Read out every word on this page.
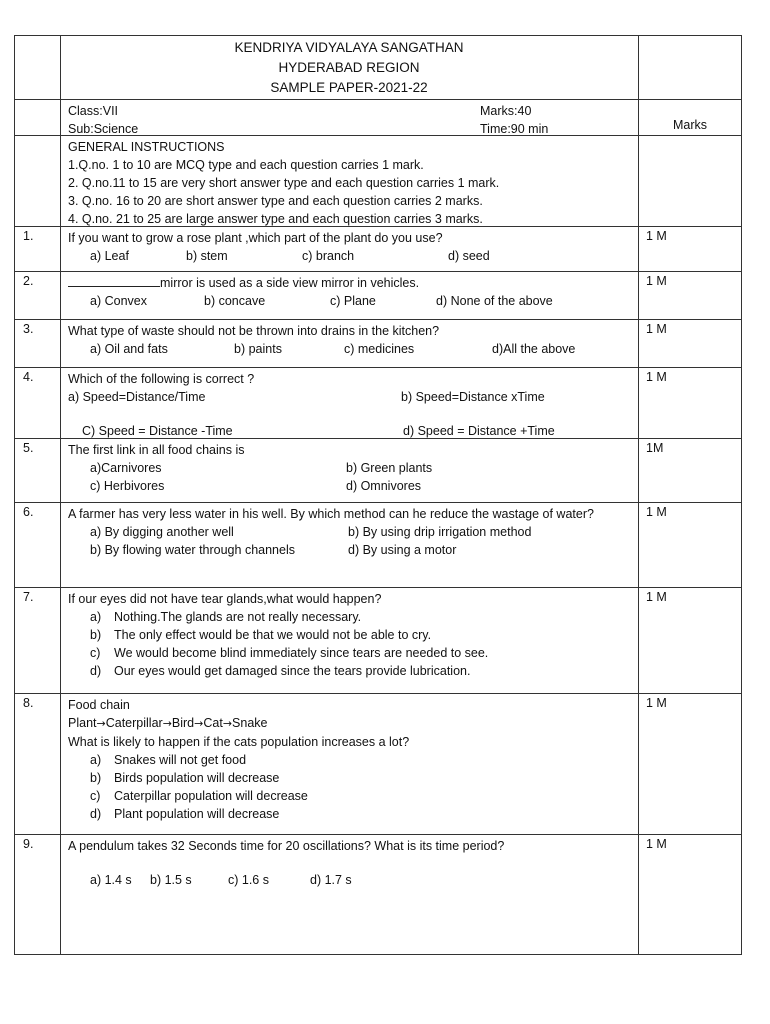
KENDRIYA VIDYALAYA SANGATHAN
HYDERABAD REGION
SAMPLE PAPER-2021-22
Class:VII	Marks:40
Sub:Science	Time:90 min	Marks
GENERAL INSTRUCTIONS
1.Q.no. 1 to 10 are MCQ type and each question carries 1 mark.
2. Q.no.11 to 15 are very short answer type and each question carries 1 mark.
3. Q.no. 16 to 20 are short answer type and each question carries 2 marks.
4. Q.no. 21 to 25 are large answer type and each question carries 3 marks.
1.	If you want to grow a rose plant ,which part of the plant do you use?
a) Leaf	b) stem	c) branch	d) seed
1 M
2.	mirror is used as a side view mirror in vehicles.
a) Convex	b) concave	c) Plane	d) None of the above
1 M
3.	What type of waste should not be thrown into drains in the kitchen?
a) Oil and fats	b) paints	c) medicines	d)All the above
1 M
4.	Which of the following is correct ?
a) Speed=Distance/Time	b) Speed=Distance xTime
C) Speed = Distance -Time	d) Speed = Distance +Time
1 M
5.	The first link in all food chains is
a)Carnivores	b) Green plants
c) Herbivores	d) Omnivores
1M
6.	A farmer has very less water in his well. By which method can he reduce the wastage of water?
a) By digging another well	b) By using drip irrigation method
b) By flowing water through channels	d) By using a motor
1 M
7.	If our eyes did not have tear glands,what would happen?
a) Nothing.The glands are not really necessary.
b) The only effect would be that we would not be able to cry.
c) We would become blind immediately since tears are needed to see.
d) Our eyes would get damaged since the tears provide lubrication.
1 M
8.	Food chain
Plant→Caterpillar→Bird→Cat→Snake
What is likely to happen if the cats population increases a lot?
a) Snakes will not get food
b) Birds population will decrease
c) Caterpillar population will decrease
d) Plant population will decrease
1 M
9.	A pendulum takes 32 Seconds time for 20 oscillations? What is its time period?
a) 1.4 s	b) 1.5 s	c) 1.6 s	d) 1.7 s
1 M
